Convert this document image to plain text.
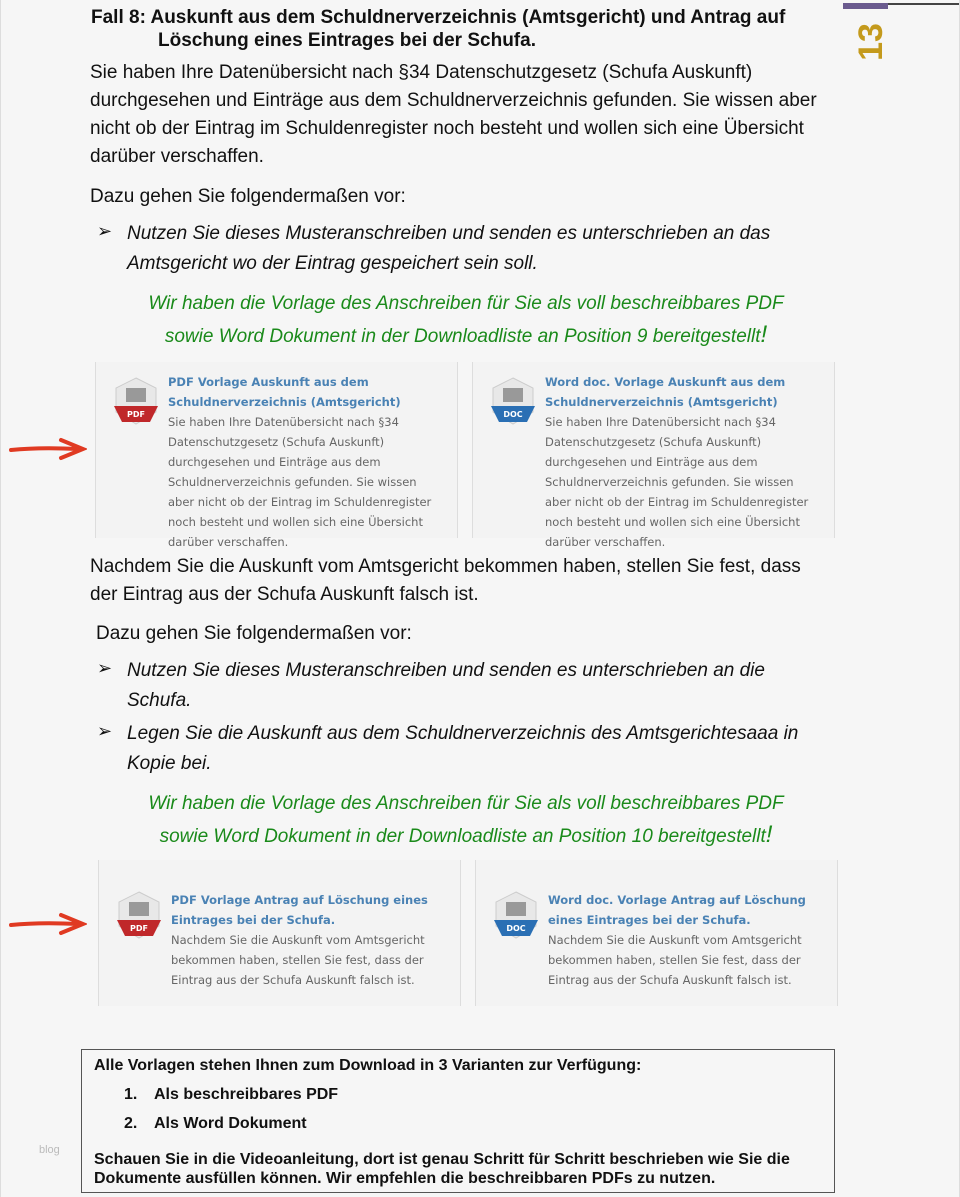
13
Fall 8: Auskunft aus dem Schuldnerverzeichnis (Amtsgericht) und Antrag auf
Löschung eines Eintrages bei der Schufa.
Sie haben Ihre Datenübersicht nach §34 Datenschutzgesetz (Schufa Auskunft) durchgesehen und Einträge aus dem Schuldnerverzeichnis gefunden. Sie wissen aber nicht ob der Eintrag im Schuldenregister noch besteht und wollen sich eine Übersicht darüber verschaffen.
Dazu gehen Sie folgendermaßen vor:
➢ Nutzen Sie dieses Musteranschreiben und senden es unterschrieben an das Amtsgericht wo der Eintrag gespeichert sein soll.
Wir haben die Vorlage des Anschreiben für Sie als voll beschreibbares PDF
sowie Word Dokument in der Downloadliste an Position 9 bereitgestellt!
PDF
PDF Vorlage Auskunft aus dem Schuldnerverzeichnis (Amtsgericht)
Sie haben Ihre Datenübersicht nach §34 Datenschutzgesetz (Schufa Auskunft) durchgesehen und Einträge aus dem Schuldnerverzeichnis gefunden. Sie wissen aber nicht ob der Eintrag im Schuldenregister noch besteht und wollen sich eine Übersicht darüber verschaffen.
DOC
Word doc. Vorlage Auskunft aus dem Schuldnerverzeichnis (Amtsgericht)
Sie haben Ihre Datenübersicht nach §34 Datenschutzgesetz (Schufa Auskunft) durchgesehen und Einträge aus dem Schuldnerverzeichnis gefunden. Sie wissen aber nicht ob der Eintrag im Schuldenregister noch besteht und wollen sich eine Übersicht darüber verschaffen.
Nachdem Sie die Auskunft vom Amtsgericht bekommen haben, stellen Sie fest, dass der Eintrag aus der Schufa Auskunft falsch ist.
Dazu gehen Sie folgendermaßen vor:
➢ Nutzen Sie dieses Musteranschreiben und senden es unterschrieben an die Schufa.
➢ Legen Sie die Auskunft aus dem Schuldnerverzeichnis des Amtsgerichtesaaa in Kopie bei.
Wir haben die Vorlage des Anschreiben für Sie als voll beschreibbares PDF
sowie Word Dokument in der Downloadliste an Position 10 bereitgestellt!
PDF
PDF Vorlage Antrag auf Löschung eines Eintrages bei der Schufa.
Nachdem Sie die Auskunft vom Amtsgericht bekommen haben, stellen Sie fest, dass der Eintrag aus der Schufa Auskunft falsch ist.
DOC
Word doc. Vorlage Antrag auf Löschung eines Eintrages bei der Schufa.
Nachdem Sie die Auskunft vom Amtsgericht bekommen haben, stellen Sie fest, dass der Eintrag aus der Schufa Auskunft falsch ist.
blog
Alle Vorlagen stehen Ihnen zum Download in 3 Varianten zur Verfügung:
1. Als beschreibbares PDF
2. Als Word Dokument
Schauen Sie in die Videoanleitung, dort ist genau Schritt für Schritt beschrieben wie Sie die Dokumente ausfüllen können. Wir empfehlen die beschreibbaren PDFs zu nutzen.
